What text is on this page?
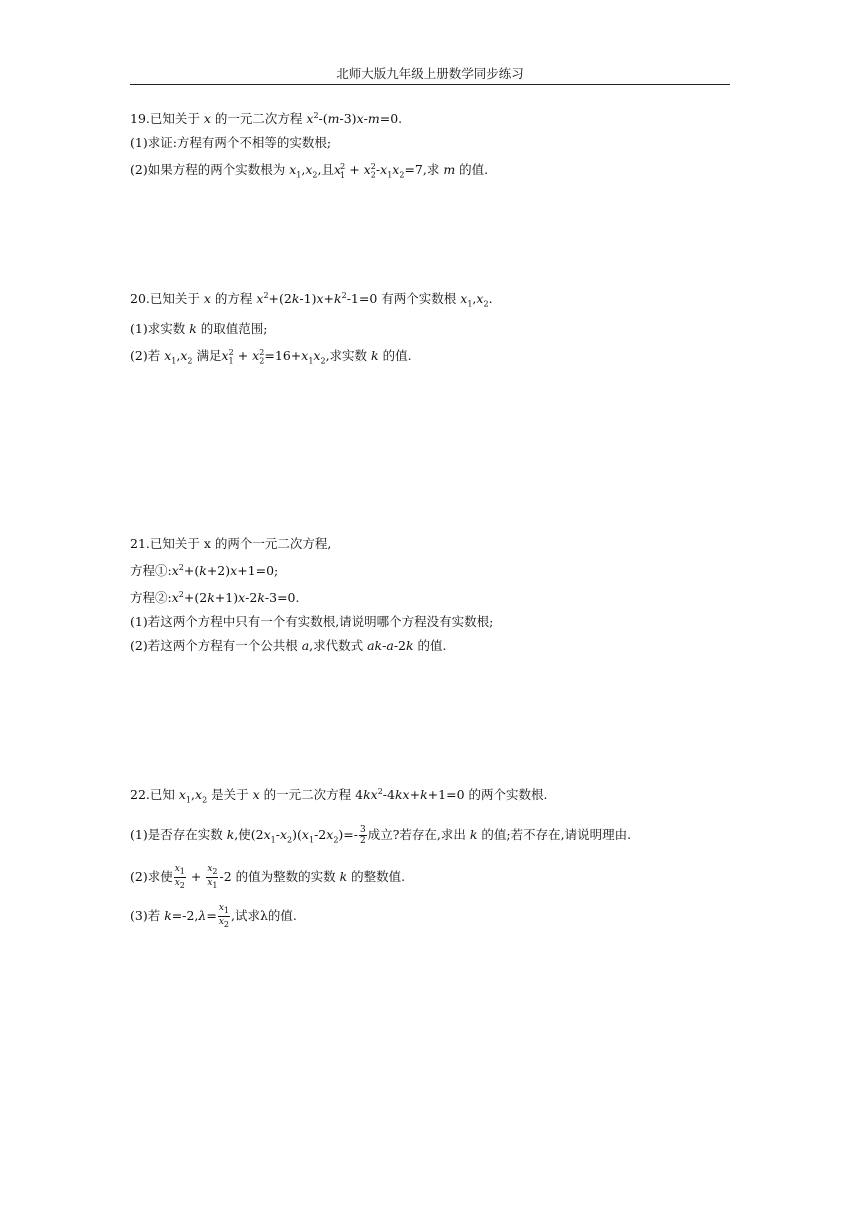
北师大版九年级上册数学同步练习
19.已知关于 x 的一元二次方程 $x^2-(m-3)x-m=0$.
(1)求证:方程有两个不相等的实数根;
(2)如果方程的两个实数根为 $x_1,x_2$,且$x_1^2 + x_2^2-x_1x_2=7$,求 m 的值.
20.已知关于 x 的方程 $x^2+(2k-1)x+k^2-1=0$ 有两个实数根 $x_1,x_2$.
(1)求实数 k 的取值范围;
(2)若 $x_1,x_2$ 满足$x_1^2 + x_2^2=16+x_1x_2$,求实数 k 的值.
21.已知关于 x 的两个一元二次方程,
方程$①:x^2+(k+2)x+1=0$;
方程$②:x^2+(2k+1)x-2k-3=0$.
(1)若这两个方程中只有一个有实数根,请说明哪个方程没有实数根;
(2)若这两个方程有一个公共根 a,求代数式 ak-a-2k 的值.
22.已知 $x_1,x_2$ 是关于 x 的一元二次方程 $4kx^2-4kx+k+1=0$ 的两个实数根.
(1)是否存在实数 k,使$(2x_1-x_2)(x_1-2x_2)=- \frac{3}{2}$ 成立?若存在,求出 k 的值;若不存在,请说明理由.
(2)求使 $\frac{x_1}{x_2} + \frac{x_2}{x_1} -2$ 的值为整数的实数 k 的整数值.
(3)若 $k=-2,\lambda= \frac{x_1}{x_2}$ ,试求λ的值.
